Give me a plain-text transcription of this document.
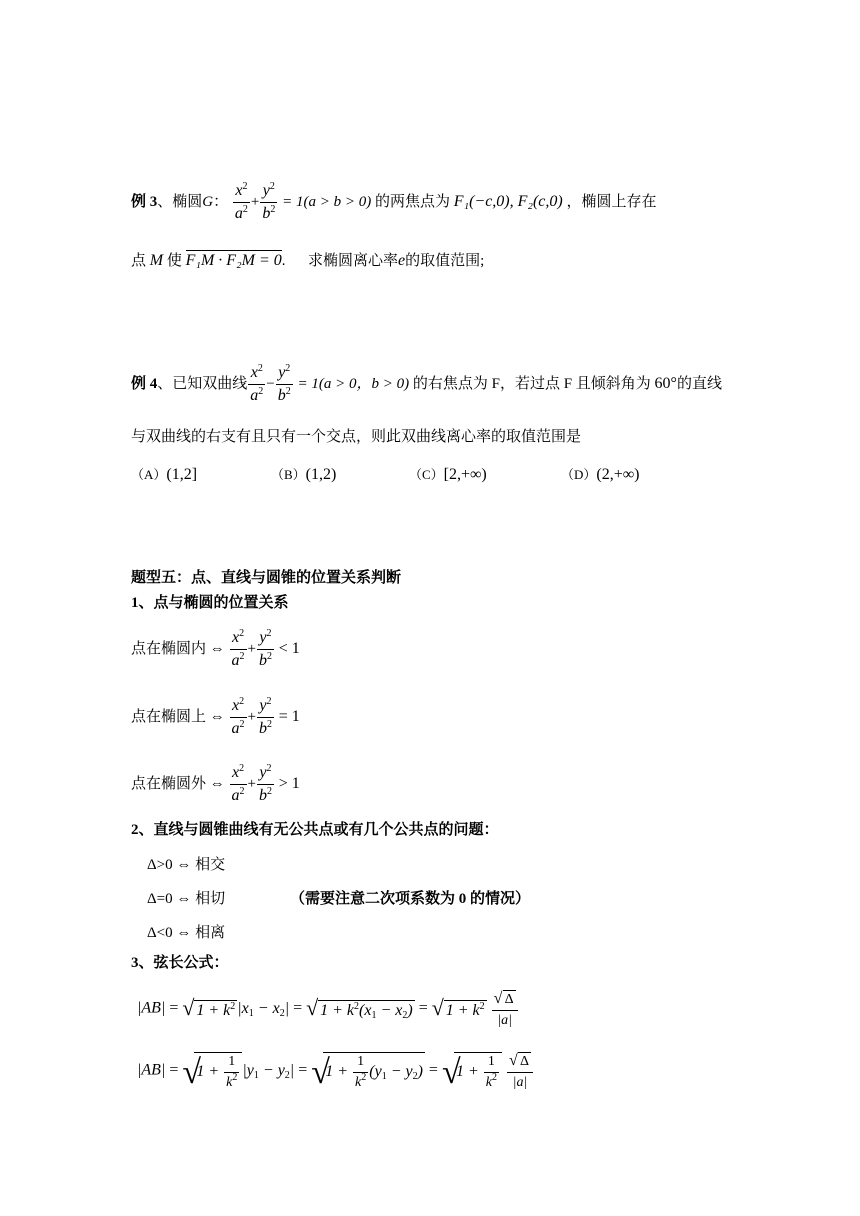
例 3、椭圆G： $\frac{x^2}{a^2} + \frac{y^2}{b^2} = 1(a > b > 0)$ 的两焦点为 F₁(−c,0), F₂(c,0) ，椭圆上存在
点 M 使 F₁M · F₂M = 0.      求椭圆离心率e的取值范围;
例 4、已知双曲线 $\frac{x^2}{a^2} - \frac{y^2}{b^2} = 1(a > 0$，b > 0) 的右焦点为 F，若过点 F 且倾斜角为 60°的直线
与双曲线的右支有且只有一个交点，则此双曲线离心率的取值范围是
（A）(1,2]	（B）(1,2)	（C）[2,+∞)	（D）(2,+∞)
题型五：点、直线与圆锥的位置关系判断
1、点与椭圆的位置关系
点在椭圆内 ⇔ $\frac{x^2}{a^2} + \frac{y^2}{b^2} < 1$
点在椭圆上 ⇔ $\frac{x^2}{a^2} + \frac{y^2}{b^2} = 1$
点在椭圆外 ⇔ $\frac{x^2}{a^2} + \frac{y^2}{b^2} > 1$
2、直线与圆锥曲线有无公共点或有几个公共点的问题：
Δ>0 ⇔ 相交
Δ=0 ⇔ 相切	（需要注意二次项系数为 0 的情况）
Δ<0 ⇔ 相离
3、弦长公式：
|AB| = √ $1 + k^2$ $|x_1 - x_2|$ = √ $1 + k^2(x_1 - x_2)$ = √ $1 + k^2 \frac{√ \Delta}{|a|}$
|AB| = √
$1 + \frac{1}{k^2} |y_1 - y_2|$ = √
$1 + \frac{1}{k^2} (y_1 - y_2)$ = √
$1 + \frac{1}{k^2}$
$\frac{√ \Delta}{|a|}$
